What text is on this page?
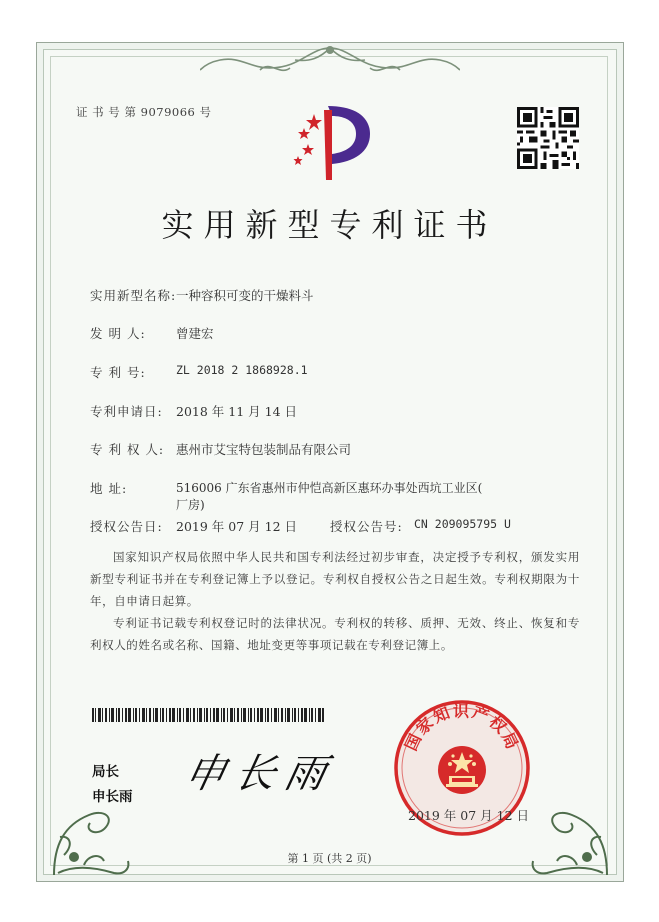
证 书 号 第 9079066 号
实用新型专利证书
实用新型名称: 一种容积可变的干燥料斗
发 明 人: 曾建宏
专 利 号:	ZL 2018 2 1868928.1
专利申请日: 2018 年 11 月 14 日
专 利 权 人: 惠州市艾宝特包装制品有限公司
地 址:	516006 广东省惠州市仲恺高新区惠环办事处西坑工业区(
厂房)
授权公告日: 2019 年 07 月 12 日	授权公告号: CN 209095795 U
国家知识产权局依照中华人民共和国专利法经过初步审查，决定授予专利权，颁发实用新型专利证书并在专利登记簿上予以登记。专利权自授权公告之日起生效。专利权期限为十年，自申请日起算。
专利证书记载专利权登记时的法律状况。专利权的转移、质押、无效、终止、恢复和专利权人的姓名或名称、国籍、地址变更等事项记载在专利登记簿上。
局长
申长雨 申长雨
国家知识产权局
2019 年 07 月 12 日
第 1 页 (共 2 页)
